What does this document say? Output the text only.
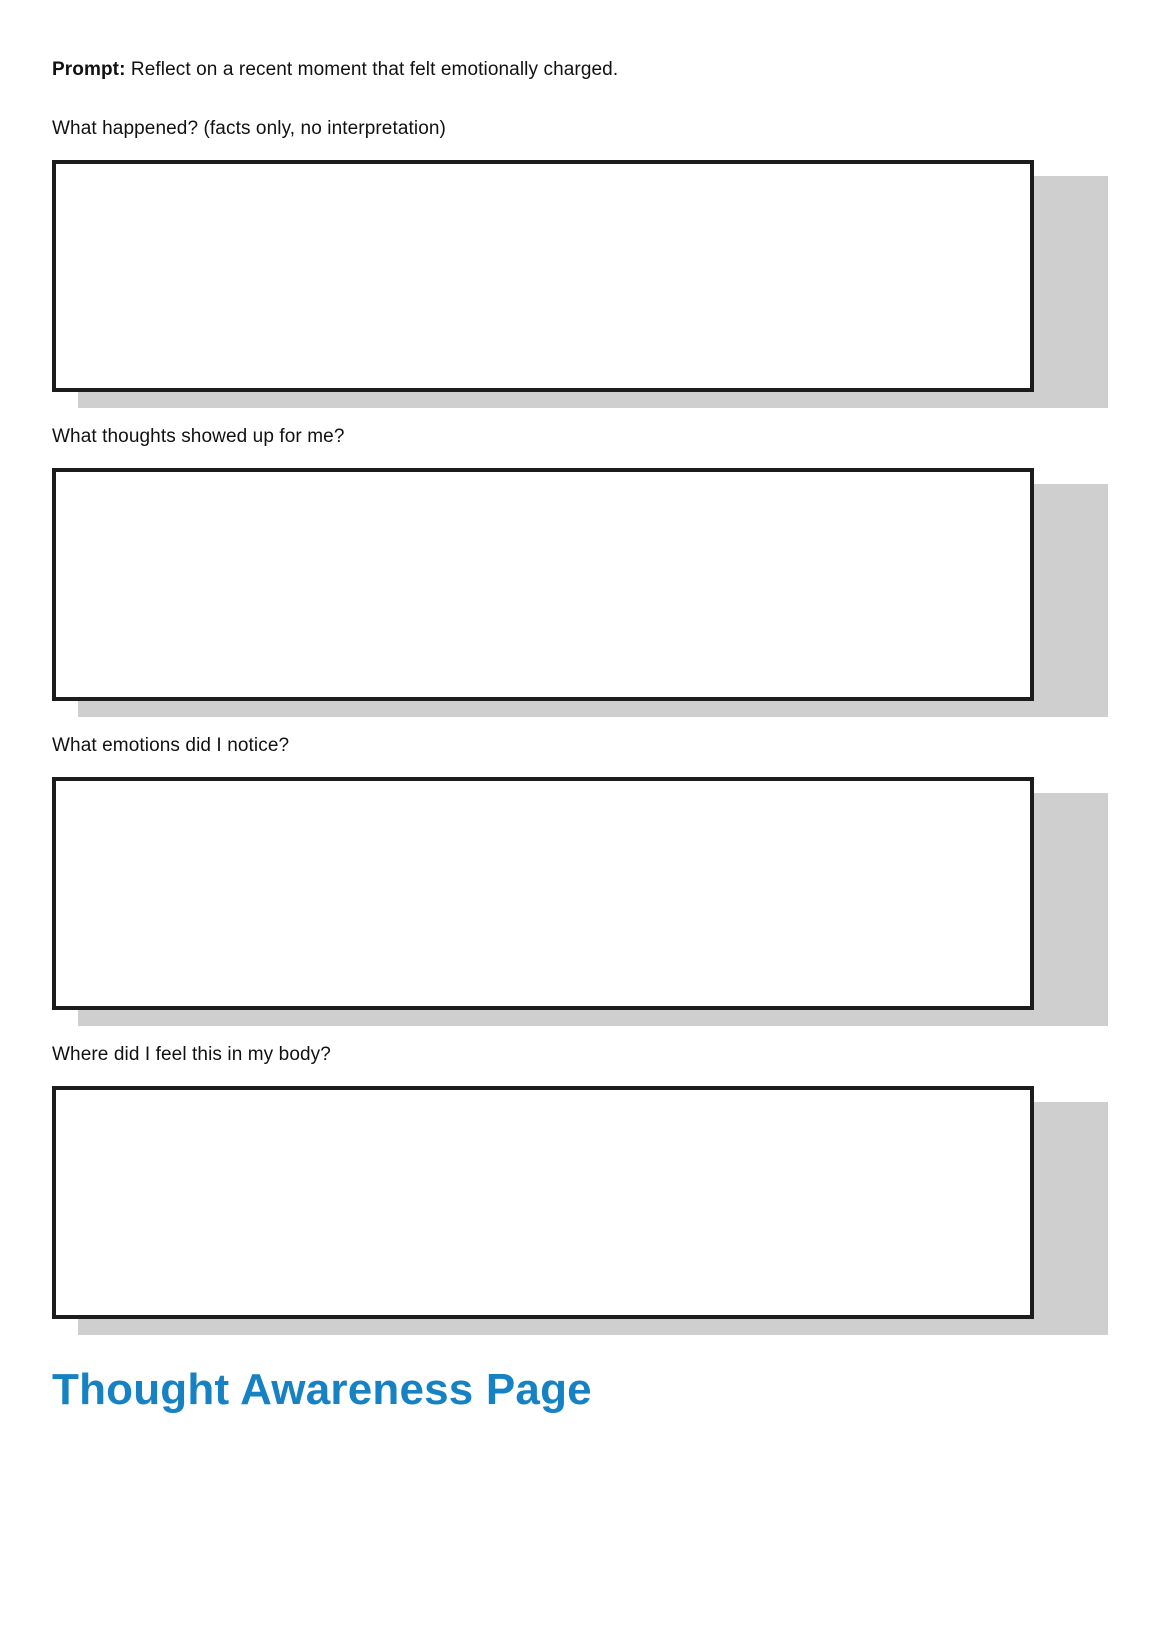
Prompt: Reflect on a recent moment that felt emotionally charged.

What happened? (facts only, no interpretation)

What thoughts showed up for me?

What emotions did I notice?

Where did I feel this in my body?

Thought Awareness Page
